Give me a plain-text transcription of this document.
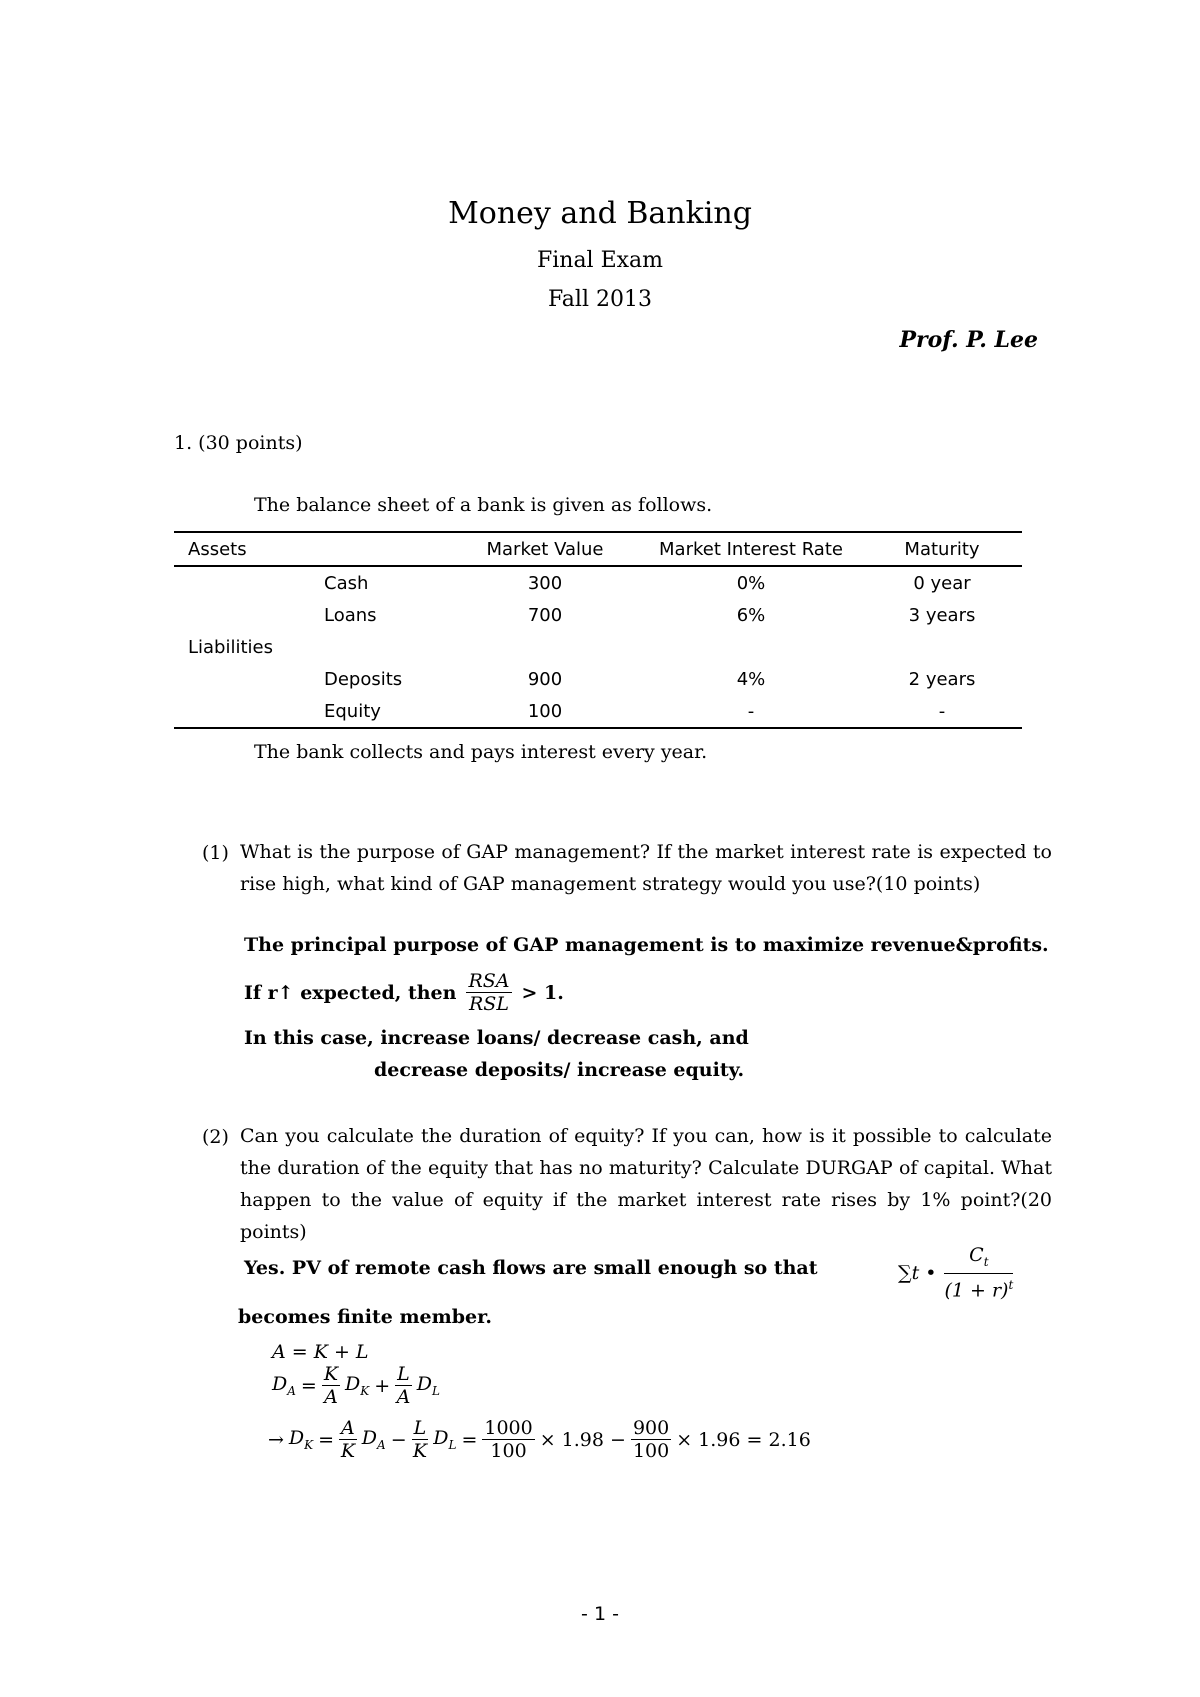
Money and Banking
Final Exam
Fall 2013
Prof. P. Lee
1. (30 points)
The balance sheet of a bank is given as follows.
Assets		Market Value	Market Interest Rate	Maturity
	Cash	300	0%	0 year
	Loans	700	6%	3 years
Liabilities				
	Deposits	900	4%	2 years
	Equity	100	-	-
The bank collects and pays interest every year.
(1) What is the purpose of GAP management? If the market interest rate is expected to rise high, what kind of GAP management strategy would you use?(10 points)
The principal purpose of GAP management is to maximize revenue&profits.
If r↑ expected, then $\frac{\text{RSA}}{\text{RSL}} > 1$.
In this case, increase loans/ decrease cash, and
decrease deposits/ increase equity.
(2) Can you calculate the duration of equity? If you can, how is it possible to calculate the duration of the equity that has no maturity? Calculate DURGAP of capital. What happen to the value of equity if the market interest rate rises by 1% point?(20 points)
Yes. PV of remote cash flows are small enough so that	∑t • $\frac{C_t}{(1 + r)^t}$
becomes finite member.
A = K + L
$D_A = \frac{K}{A} D_K + \frac{L}{A} D_L$
→ $D_K = \frac{A}{K} D_A - \frac{L}{K} D_L = \frac{1000}{100} \times 1.98 - \frac{900}{100} \times 1.96 = 2.16$
- 1 -
